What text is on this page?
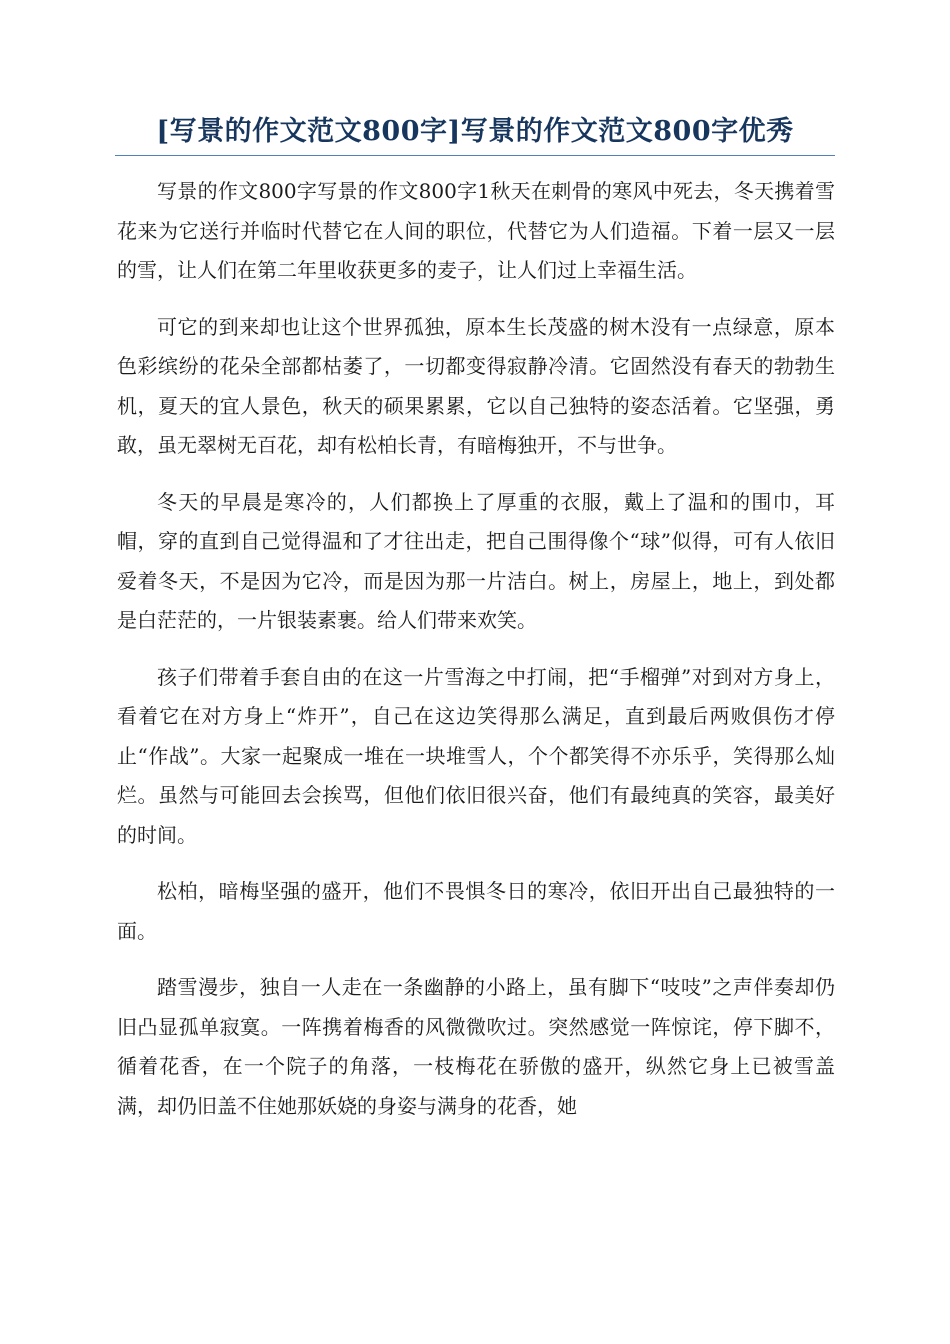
[写景的作文范文800字]写景的作文范文800字优秀

写景的作文800字写景的作文800字1秋天在刺骨的寒风中死去，冬天携着雪花来为它送行并临时代替它在人间的职位，代替它为人们造福。下着一层又一层的雪，让人们在第二年里收获更多的麦子，让人们过上幸福生活。

可它的到来却也让这个世界孤独，原本生长茂盛的树木没有一点绿意，原本色彩缤纷的花朵全部都枯萎了，一切都变得寂静冷清。它固然没有春天的勃勃生机，夏天的宜人景色，秋天的硕果累累，它以自己独特的姿态活着。它坚强，勇敢，虽无翠树无百花，却有松柏长青，有暗梅独开，不与世争。

冬天的早晨是寒冷的，人们都换上了厚重的衣服，戴上了温和的围巾，耳帽，穿的直到自己觉得温和了才往出走，把自己围得像个“球”似得，可有人依旧爱着冬天，不是因为它冷，而是因为那一片洁白。树上，房屋上，地上，到处都是白茫茫的，一片银装素裹。给人们带来欢笑。

孩子们带着手套自由的在这一片雪海之中打闹，把“手榴弹”对到对方身上，看着它在对方身上“炸开”，自己在这边笑得那么满足，直到最后两败俱伤才停止“作战”。大家一起聚成一堆在一块堆雪人，个个都笑得不亦乐乎，笑得那么灿烂。虽然与可能回去会挨骂，但他们依旧很兴奋，他们有最纯真的笑容，最美好的时间。

松柏，暗梅坚强的盛开，他们不畏惧冬日的寒冷，依旧开出自己最独特的一面。

踏雪漫步，独自一人走在一条幽静的小路上，虽有脚下“吱吱”之声伴奏却仍旧凸显孤单寂寞。一阵携着梅香的风微微吹过。突然感觉一阵惊诧，停下脚不，循着花香，在一个院子的角落，一枝梅花在骄傲的盛开，纵然它身上已被雪盖满，却仍旧盖不住她那妖娆的身姿与满身的花香，她
